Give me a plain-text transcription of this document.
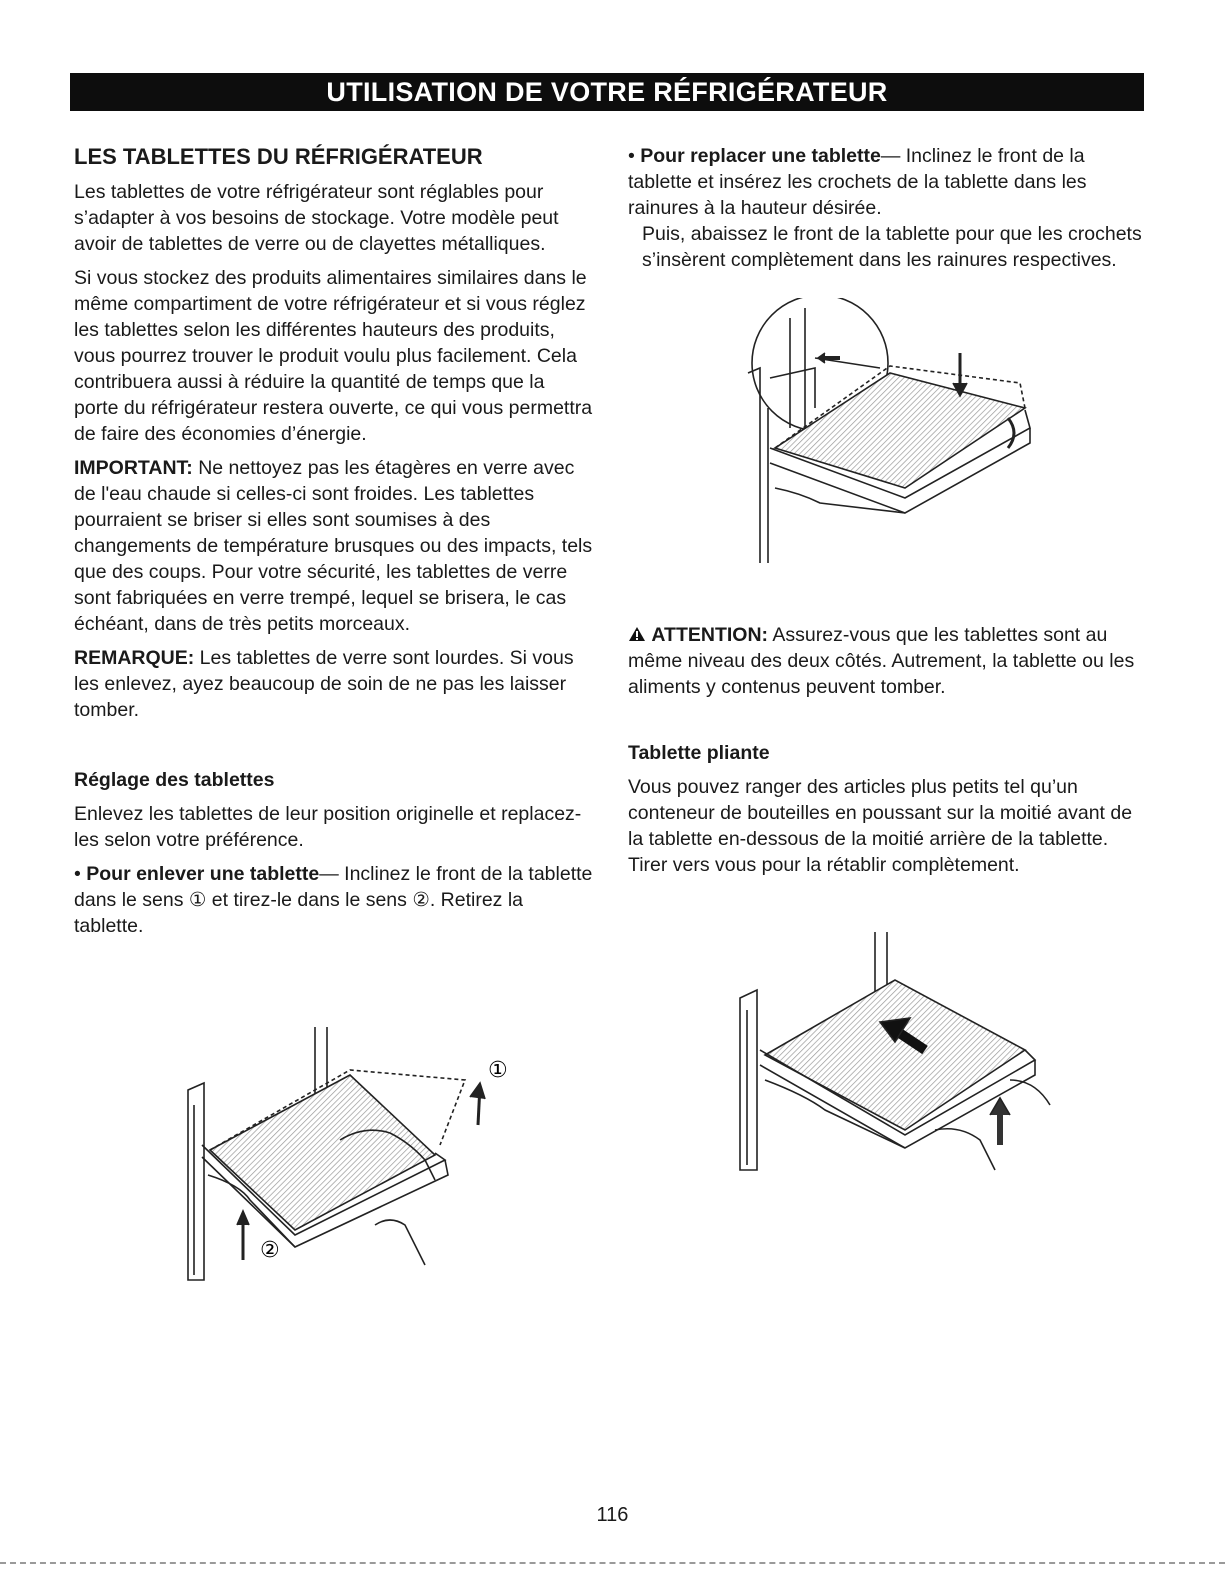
UTILISATION DE VOTRE RÉFRIGÉRATEUR
LES TABLETTES DU RÉFRIGÉRATEUR

Les tablettes de votre réfrigérateur sont réglables pour s’adapter à vos besoins de stockage. Votre modèle peut avoir de tablettes de verre ou de clayettes métalliques.

Si vous stockez des produits alimentaires similaires dans le même compartiment de votre réfrigérateur et si vous réglez les tablettes selon les différentes hauteurs des produits, vous pourrez trouver le produit voulu plus facilement. Cela contribuera aussi à réduire la quantité de temps que la porte du réfrigérateur restera ouverte, ce qui vous permettra de faire des économies d’énergie.

IMPORTANT: Ne nettoyez pas les étagères en verre avec de l'eau chaude si celles-ci sont froides. Les tablettes pourraient se briser si elles sont soumises à des changements de température brusques ou des impacts, tels que des coups. Pour votre sécurité, les tablettes de verre sont fabriquées en verre trempé, lequel se brisera, le cas échéant, dans de très petits morceaux.

REMARQUE: Les tablettes de verre sont lourdes. Si vous les enlevez, ayez beaucoup de soin de ne pas les laisser tomber.

Réglage des tablettes

Enlevez les tablettes de leur position originelle et replacez-les selon votre préférence.

• Pour enlever une tablette— Inclinez le front de la tablette dans le sens ① et tirez-le dans le sens ②. Retirez la tablette.

①
②

• Pour replacer une tablette— Inclinez le front de la tablette et insérez les crochets de la tablette dans les rainures à la hauteur désirée.

Puis, abaissez le front de la tablette pour que les crochets s’insèrent complètement dans les rainures respectives.

ATTENTION: Assurez-vous que les tablettes sont au même niveau des deux côtés. Autrement, la tablette ou les aliments y contenus peuvent tomber.

Tablette pliante

Vous pouvez ranger des articles plus petits tel qu’un conteneur de bouteilles en poussant sur la moitié avant de la tablette en-dessous de la moitié arrière de la tablette. Tirer vers vous pour la rétablir complètement.

116
